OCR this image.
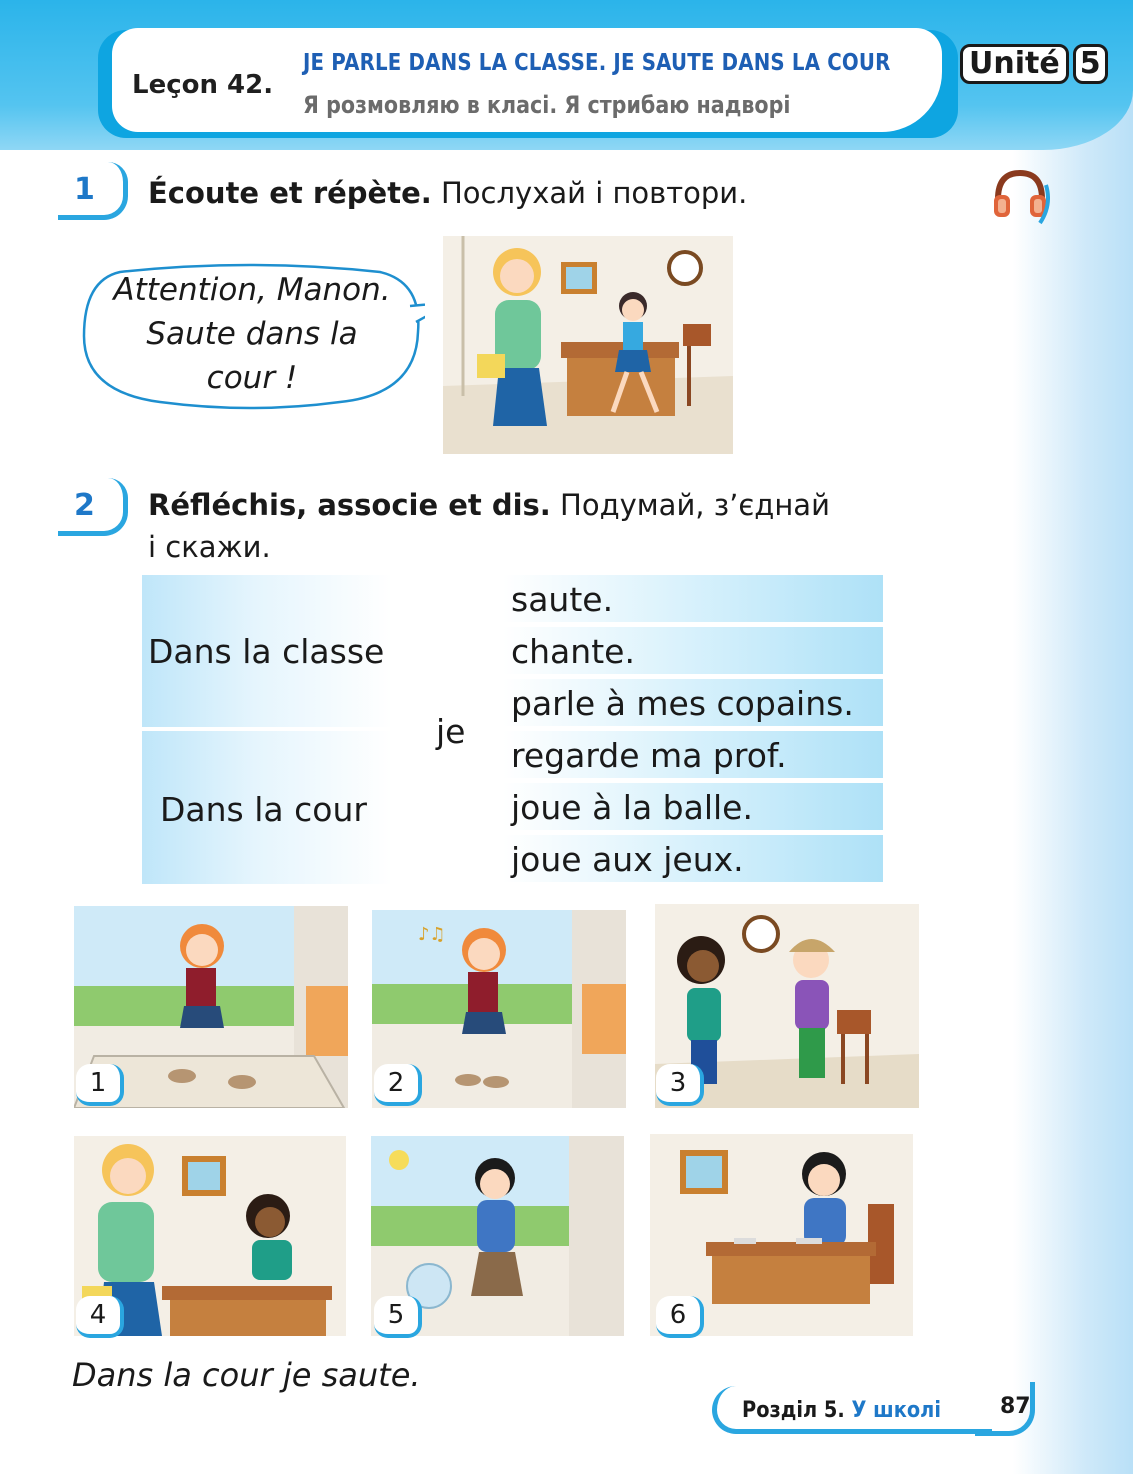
Leçon 42.
JE PARLE DANS LA CLASSE. JE SAUTE DANS LA COUR
Я розмовляю в класі. Я стрибаю надворі
Unité 5
1 Écoute et répète. Послухай і повтори.
Attention, Manon.
Saute dans la
cour !
2 Réfléchis, associe et dis. Подумай, з’єднай
і скажи.
Dans la classe
Dans la cour
je
saute.
chante.
parle à mes copains.
regarde ma prof.
joue à la balle.
joue aux jeux.
1
♪♫
2	3
4	5	6
Dans la cour je saute.
Розділ 5. У школі	87
